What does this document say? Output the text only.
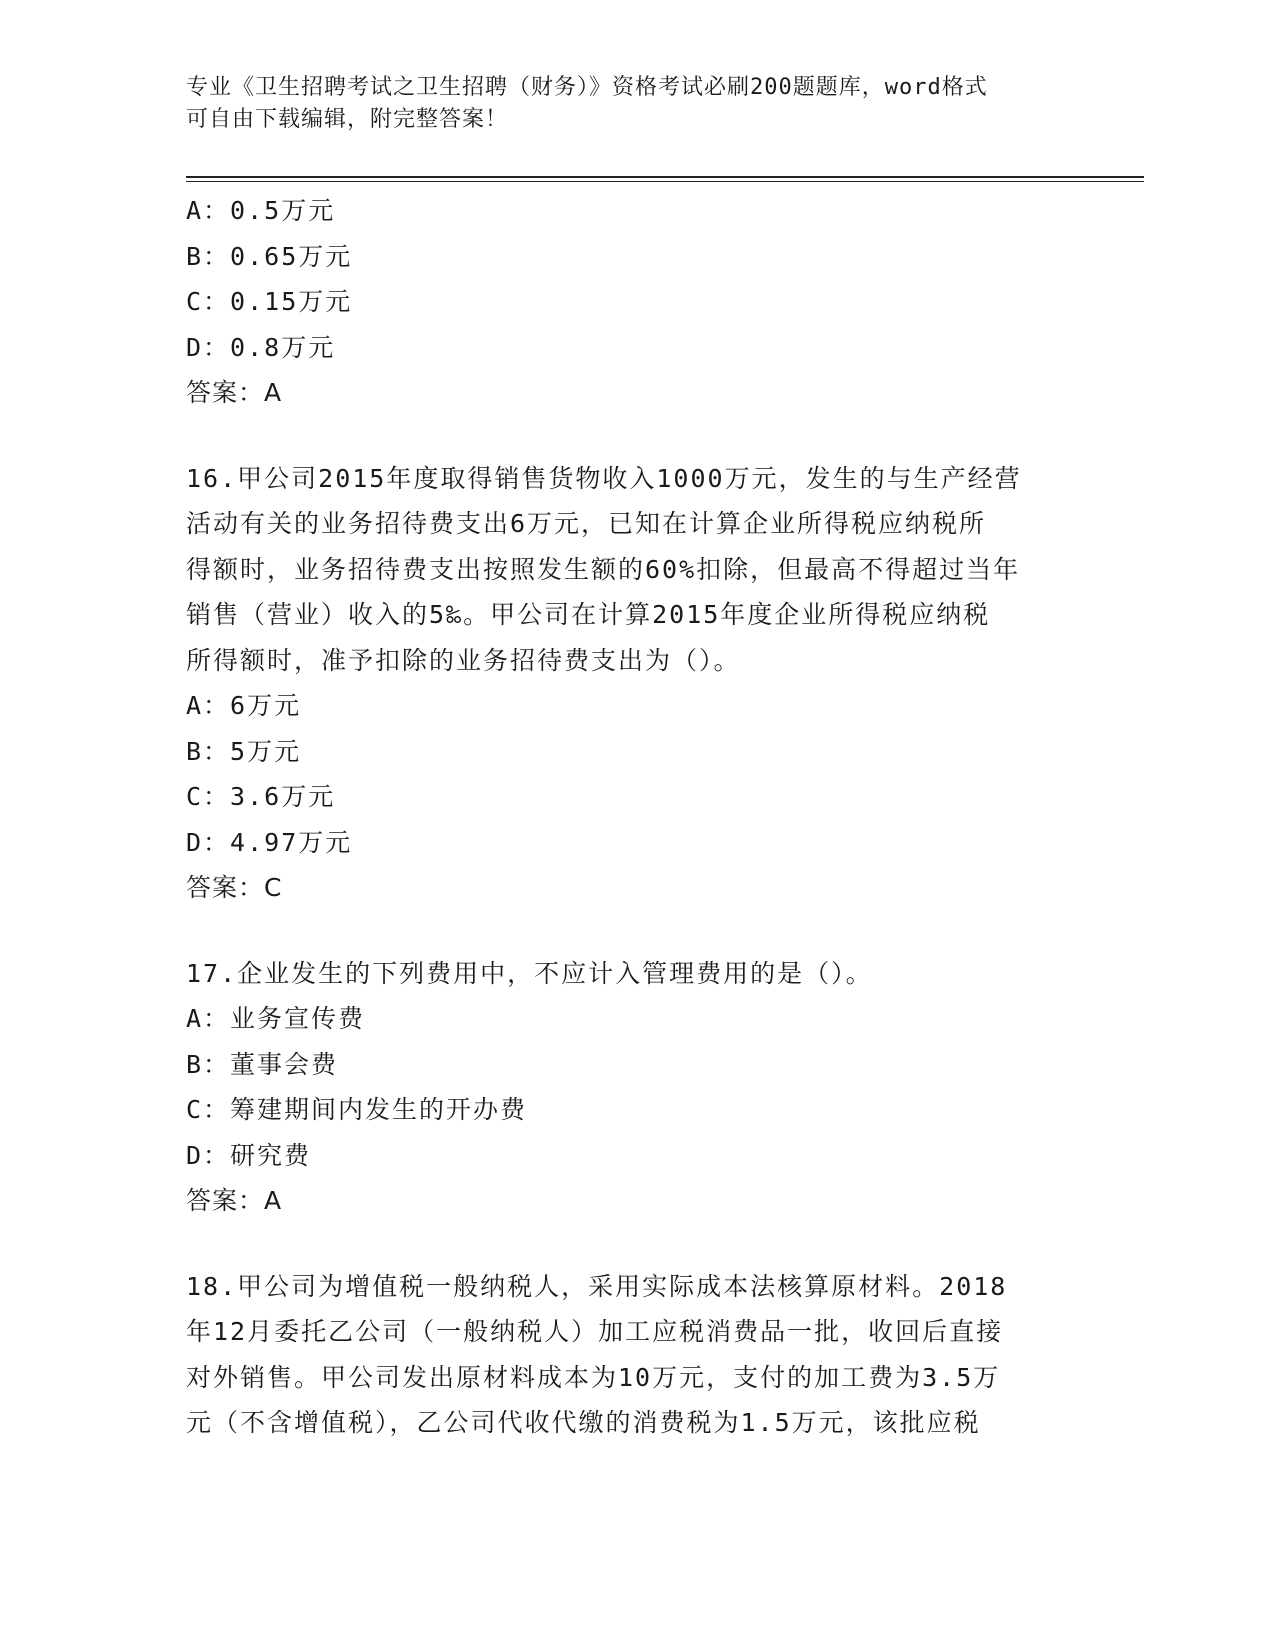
专业《卫生招聘考试之卫生招聘（财务）》资格考试必刷200题题库，word格式
可自由下载编辑，附完整答案！
A：0.5万元
B：0.65万元
C：0.15万元
D：0.8万元
答案：A
16.甲公司2015年度取得销售货物收入1000万元，发生的与生产经营
活动有关的业务招待费支出6万元，已知在计算企业所得税应纳税所
得额时，业务招待费支出按照发生额的60%扣除，但最高不得超过当年
销售（营业）收入的5‰。甲公司在计算2015年度企业所得税应纳税
所得额时，准予扣除的业务招待费支出为（）。
A：6万元
B：5万元
C：3.6万元
D：4.97万元
答案：C
17.企业发生的下列费用中，不应计入管理费用的是（）。
A：业务宣传费
B：董事会费
C：筹建期间内发生的开办费
D：研究费
答案：A
18.甲公司为增值税一般纳税人，采用实际成本法核算原材料。2018
年12月委托乙公司（一般纳税人）加工应税消费品一批，收回后直接
对外销售。甲公司发出原材料成本为10万元，支付的加工费为3.5万
元（不含增值税），乙公司代收代缴的消费税为1.5万元，该批应税
